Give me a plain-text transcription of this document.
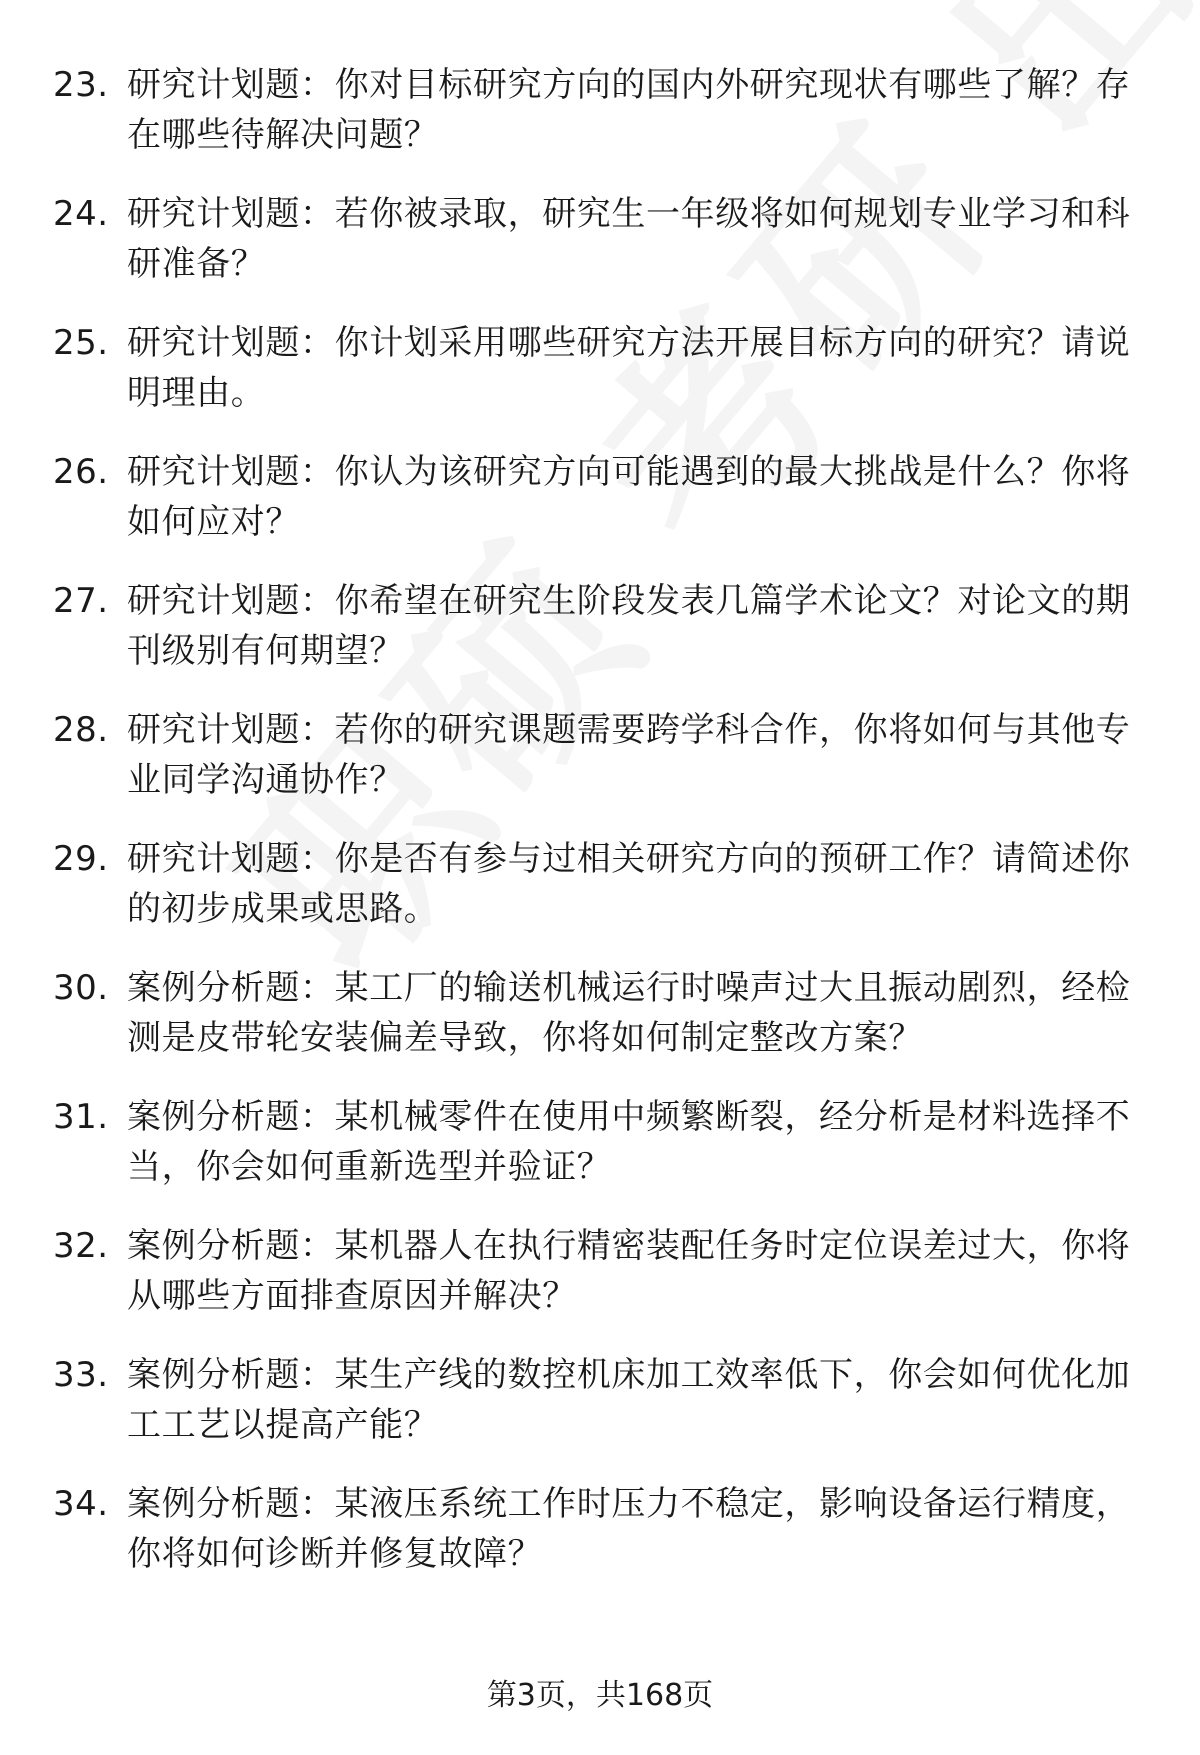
23. 研究计划题：你对目标研究方向的国内外研究现状有哪些了解？存在哪些待解决问题？
24. 研究计划题：若你被录取，研究生一年级将如何规划专业学习和科研准备？
25. 研究计划题：你计划采用哪些研究方法开展目标方向的研究？请说明理由。
26. 研究计划题：你认为该研究方向可能遇到的最大挑战是什么？你将如何应对？
27. 研究计划题：你希望在研究生阶段发表几篇学术论文？对论文的期刊级别有何期望？
28. 研究计划题：若你的研究课题需要跨学科合作，你将如何与其他专业同学沟通协作？
29. 研究计划题：你是否有参与过相关研究方向的预研工作？请简述你的初步成果或思路。
30. 案例分析题：某工厂的输送机械运行时噪声过大且振动剧烈，经检测是皮带轮安装偏差导致，你将如何制定整改方案？
31. 案例分析题：某机械零件在使用中频繁断裂，经分析是材料选择不当，你会如何重新选型并验证？
32. 案例分析题：某机器人在执行精密装配任务时定位误差过大，你将从哪些方面排查原因并解决？
33. 案例分析题：某生产线的数控机床加工效率低下，你会如何优化加工工艺以提高产能？
34. 案例分析题：某液压系统工作时压力不稳定，影响设备运行精度，你将如何诊断并修复故障？
第3页，共168页
